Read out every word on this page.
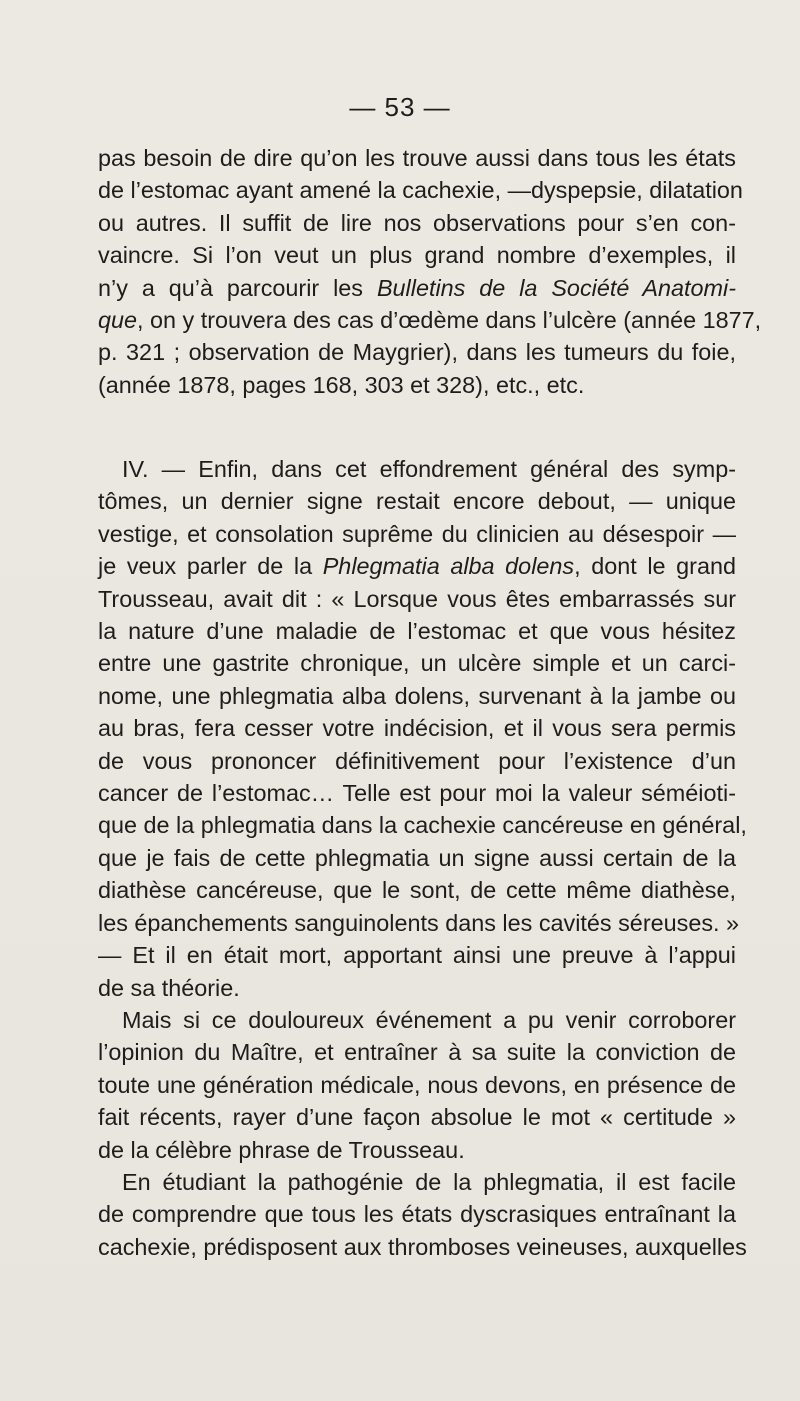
— 53 —
pas besoin de dire qu’on les trouve aussi dans tous les états
de l’estomac ayant amené la cachexie, —dyspepsie, dilatation
ou autres. Il suffit de lire nos observations pour s’en con-
vaincre. Si l’on veut un plus grand nombre d’exemples, il
n’y a qu’à parcourir les Bulletins de la Société Anatomi-
que, on y trouvera des cas d’œdème dans l’ulcère (année 1877,
p. 321 ; observation de Maygrier), dans les tumeurs du foie,
(année 1878, pages 168, 303 et 328), etc., etc.
IV. — Enfin, dans cet effondrement général des symp-
tômes, un dernier signe restait encore debout, — unique
vestige, et consolation suprême du clinicien au désespoir —
je veux parler de la Phlegmatia alba dolens, dont le grand
Trousseau, avait dit : « Lorsque vous êtes embarrassés sur
la nature d’une maladie de l’estomac et que vous hésitez
entre une gastrite chronique, un ulcère simple et un carci-
nome, une phlegmatia alba dolens, survenant à la jambe ou
au bras, fera cesser votre indécision, et il vous sera permis
de vous prononcer définitivement pour l’existence d’un
cancer de l’estomac… Telle est pour moi la valeur séméioti-
que de la phlegmatia dans la cachexie cancéreuse en général,
que je fais de cette phlegmatia un signe aussi certain de la
diathèse cancéreuse, que le sont, de cette même diathèse,
les épanchements sanguinolents dans les cavités séreuses. »
— Et il en était mort, apportant ainsi une preuve à l’appui
de sa théorie.
Mais si ce douloureux événement a pu venir corroborer
l’opinion du Maître, et entraîner à sa suite la conviction de
toute une génération médicale, nous devons, en présence de
fait récents, rayer d’une façon absolue le mot « certitude »
de la célèbre phrase de Trousseau.
En étudiant la pathogénie de la phlegmatia, il est facile
de comprendre que tous les états dyscrasiques entraînant la
cachexie, prédisposent aux thromboses veineuses, auxquelles
